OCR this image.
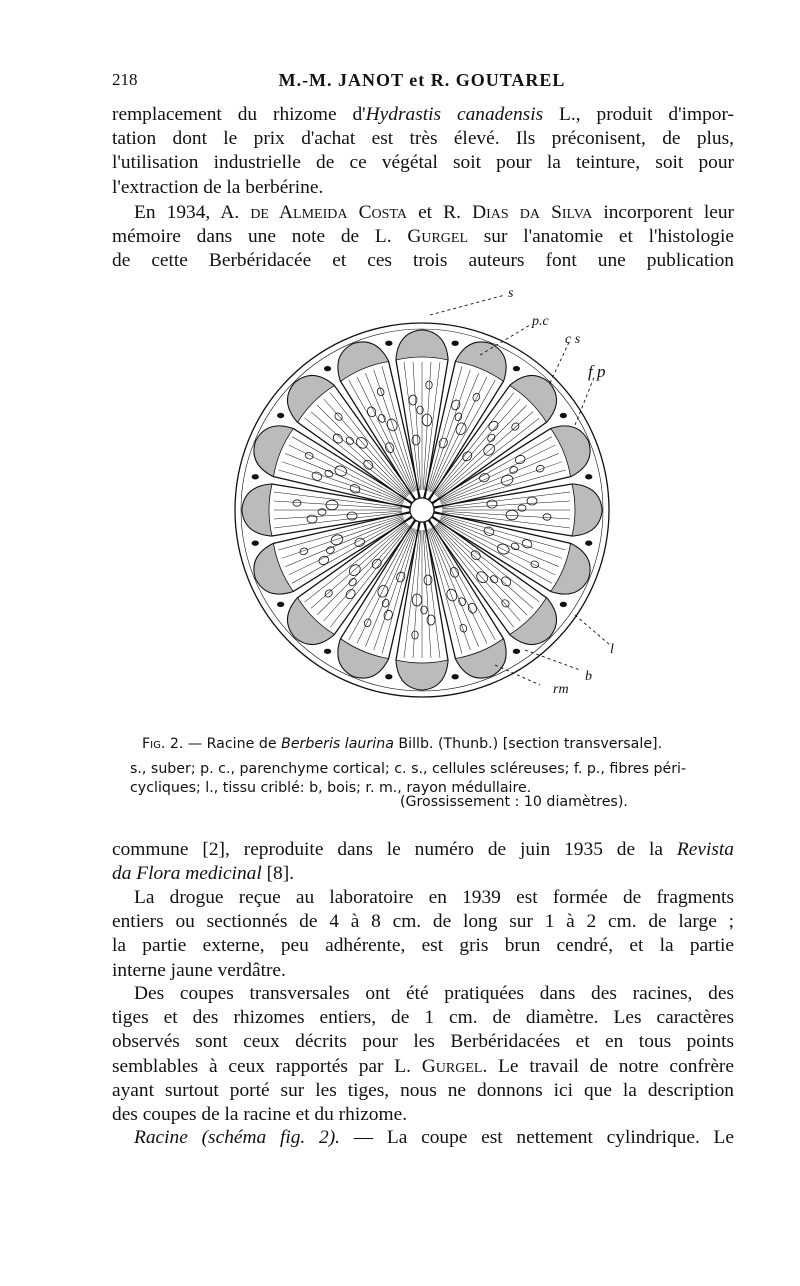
218	M.-M. JANOT et R. GOUTAREL

remplacement du rhizome d'Hydrastis canadensis L., produit d'impor-
tation dont le prix d'achat est très élevé. Ils préconisent, de plus,
l'utilisation industrielle de ce végétal soit pour la teinture, soit pour
l'extraction de la berbérine.

En 1934, A. de Almeida Costa et R. Dias da Silva incorporent leur
mémoire dans une note de L. Gurgel sur l'anatomie et l'histologie
de cette Berbéridacée et ces trois auteurs font une publication

s
p.c
c s
f p
l
b
rm
Fig. 2. — Racine de Berberis laurina Billb. (Thunb.) [section transversale].
s., suber; p. c., parenchyme cortical; c. s., cellules scléreuses; f. p., fibres péri-
cycliques; l., tissu criblé: b, bois; r. m., rayon médullaire.
(Grossissement : 10 diamètres).

commune [2], reproduite dans le numéro de juin 1935 de la Revista
da Flora medicinal [8].

La drogue reçue au laboratoire en 1939 est formée de fragments
entiers ou sectionnés de 4 à 8 cm. de long sur 1 à 2 cm. de large ;
la partie externe, peu adhérente, est gris brun cendré, et la partie
interne jaune verdâtre.

Des coupes transversales ont été pratiquées dans des racines, des
tiges et des rhizomes entiers, de 1 cm. de diamètre. Les caractères
observés sont ceux décrits pour les Berbéridacées et en tous points
semblables à ceux rapportés par L. Gurgel. Le travail de notre confrère
ayant surtout porté sur les tiges, nous ne donnons ici que la description
des coupes de la racine et du rhizome.

Racine (schéma fig. 2). — La coupe est nettement cylindrique. Le
